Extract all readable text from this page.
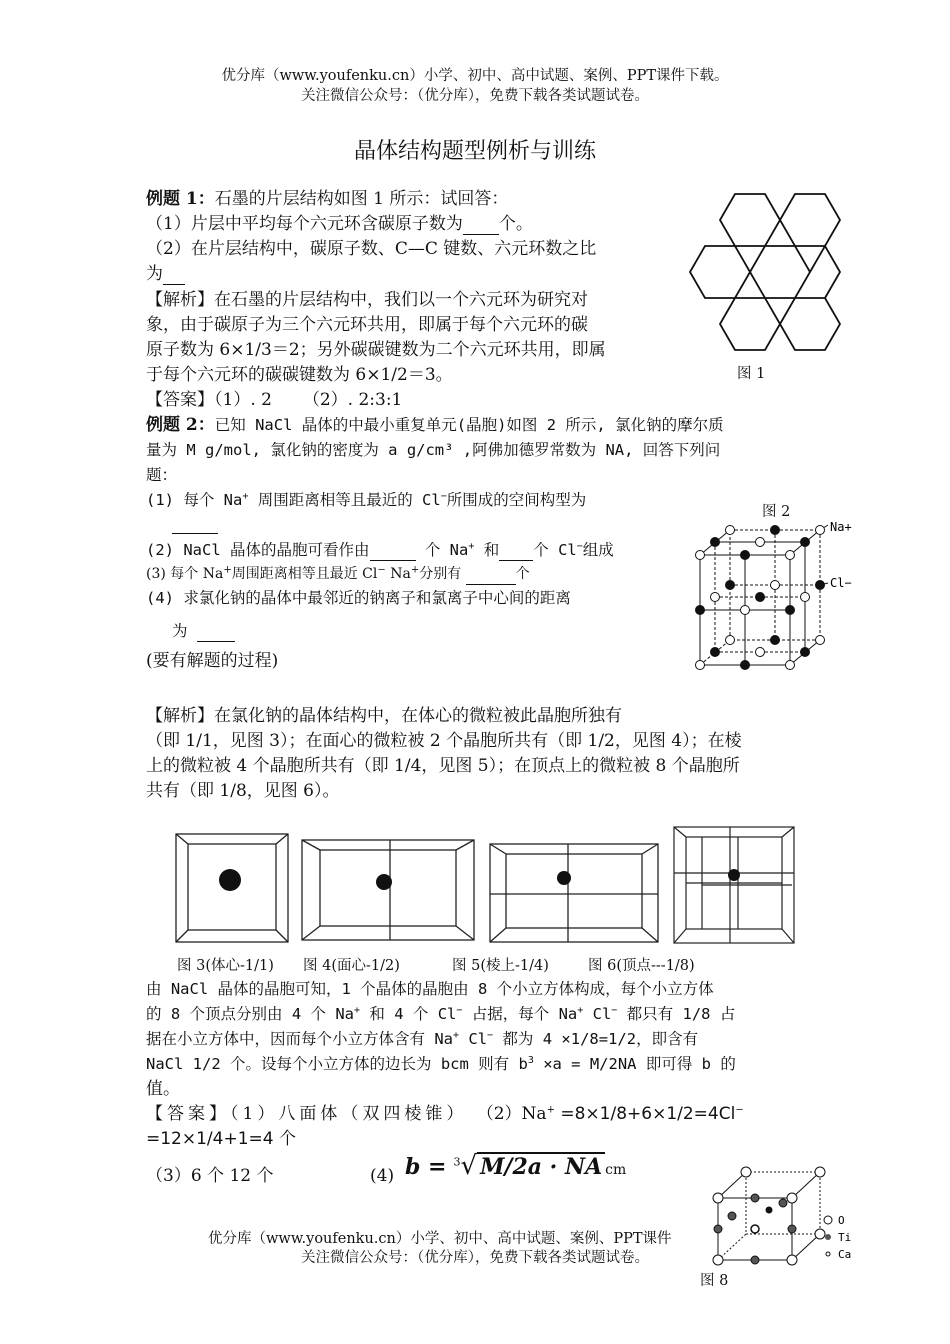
优分库（www.youfenku.cn）小学、初中、高中试题、案例、PPT课件下载。
关注微信公众号：（优分库），免费下载各类试题试卷。
晶体结构题型例析与训练
例题 1：石墨的片层结构如图 1 所示：试回答：
（1）片层中平均每个六元环含碳原子数为 个。
（2）在片层结构中，碳原子数、C—C 键数、六元环数之比
为
【解析】在石墨的片层结构中，我们以一个六元环为研究对
象，由于碳原子为三个六元环共用，即属于每个六元环的碳
原子数为 6×1/3＝2；另外碳碳键数为二个六元环共用，即属
于每个六元环的碳碳键数为 6×1/2＝3。
【答案】（1）. 2 　　（2）. 2:3:1
图 1
例题 2：已知 NaCl 晶体的中最小重复单元(晶胞)如图 2 所示, 氯化钠的摩尔质
量为 M g/mol, 氯化钠的密度为 a g/cm³ ,阿佛加德罗常数为 NA, 回答下列问
题：
(1) 每个 Na+ 周围距离相等且最近的 Cl−所围成的空间构型为
(2) NaCl 晶体的晶胞可看作由	个 Na+ 和 个 Cl−组成
(3) 每个 Na+周围距离相等且最近 Cl− Na+分别有	个
(4) 求氯化钠的晶体中最邻近的钠离子和氯离子中心间的距离
为
(要有解题的过程)
图 2
Na+
Cl−
【解析】在氯化钠的晶体结构中，在体心的微粒被此晶胞所独有
（即 1/1，见图 3）；在面心的微粒被 2 个晶胞所共有（即 1/2，见图 4）；在棱
上的微粒被 4 个晶胞所共有（即 1/4，见图 5）；在顶点上的微粒被 8 个晶胞所
共有（即 1/8，见图 6）。
图 3(体心-1/1) 图 4(面心-1/2)	图 5(棱上-1/4)	图 6(顶点---1/8)
由 NaCl 晶体的晶胞可知，1 个晶体的晶胞由 8 个小立方体构成，每个小立方体
的 8 个顶点分别由 4 个 Na+ 和 4 个 Cl− 占据，每个 Na+ Cl− 都只有 1/8 占
据在小立方体中，因而每个小立方体含有 Na+ Cl− 都为 4 ×1/8=1/2，即含有
NaCl 1/2 个。设每个小立方体的边长为 bcm 则有 $b^3 \times a = M/2NA$ 即可得 b 的
值。
【答案】（1）八面体（双四棱锥） （2）Na+ =8×1/8+6×1/2=4Cl−
=12×1/4+1=4 个
（3）6 个 12 个	(4) b = $^3$√ M/2a · NA cm
优分库（www.youfenku.cn）小学、初中、高中试题、案例、PPT课件
关注微信公众号：（优分库），免费下载各类试题试卷。
O
Ti
Ca
图 8
